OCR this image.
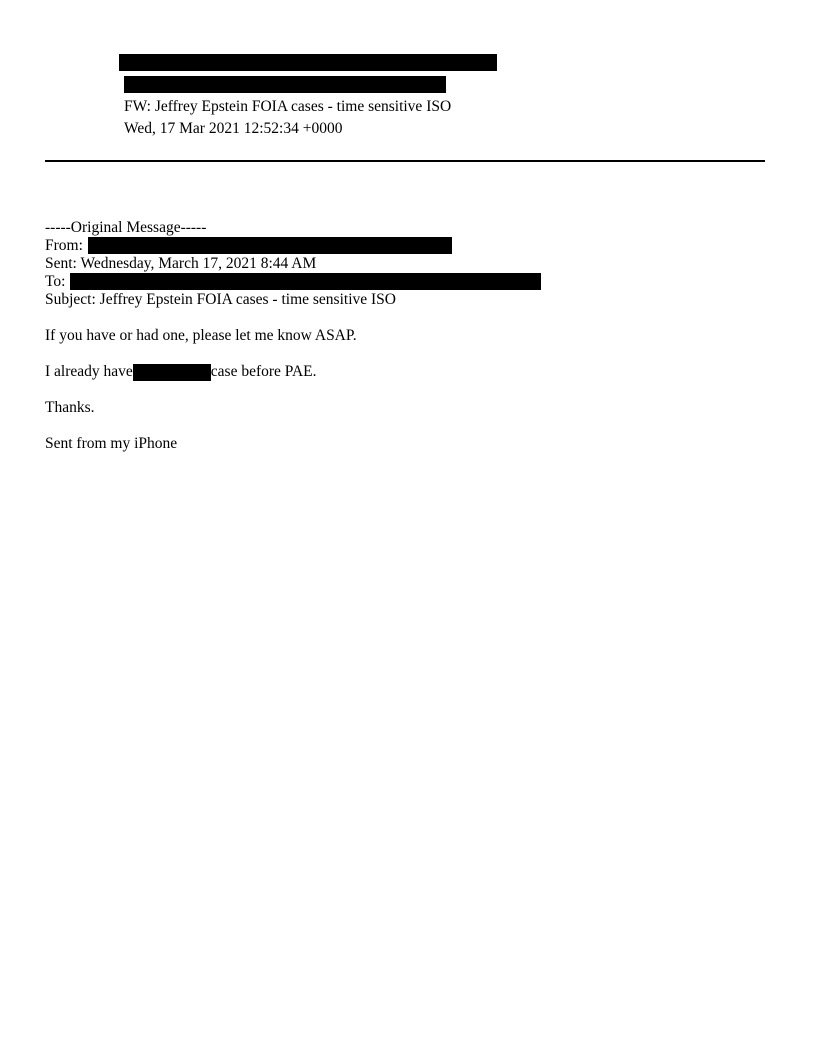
FW: Jeffrey Epstein FOIA cases - time sensitive ISO
Wed, 17 Mar 2021 12:52:34 +0000
-----Original Message-----
From:
Sent: Wednesday, March 17, 2021 8:44 AM
To:
Subject: Jeffrey Epstein FOIA cases - time sensitive ISO
If you have or had one, please let me know ASAP.
I already have	case before PAE.
Thanks.
Sent from my iPhone
